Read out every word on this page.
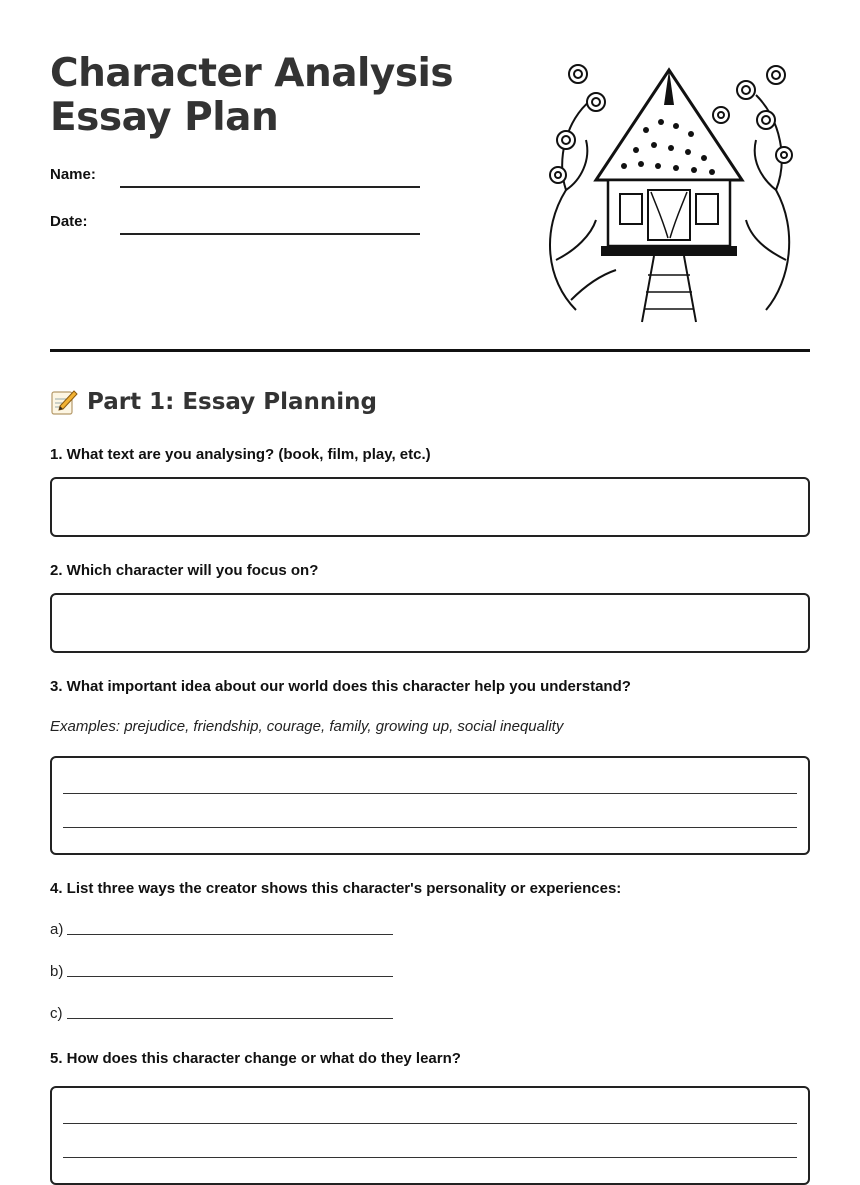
Character Analysis Essay Plan
Name:
Date:
Part 1: Essay Planning
1. What text are you analysing? (book, film, play, etc.)
2. Which character will you focus on?
3. What important idea about our world does this character help you understand?
Examples: prejudice, friendship, courage, family, growing up, social inequality
4. List three ways the creator shows this character's personality or experiences:
a)
b)
c)
5. How does this character change or what do they learn?
